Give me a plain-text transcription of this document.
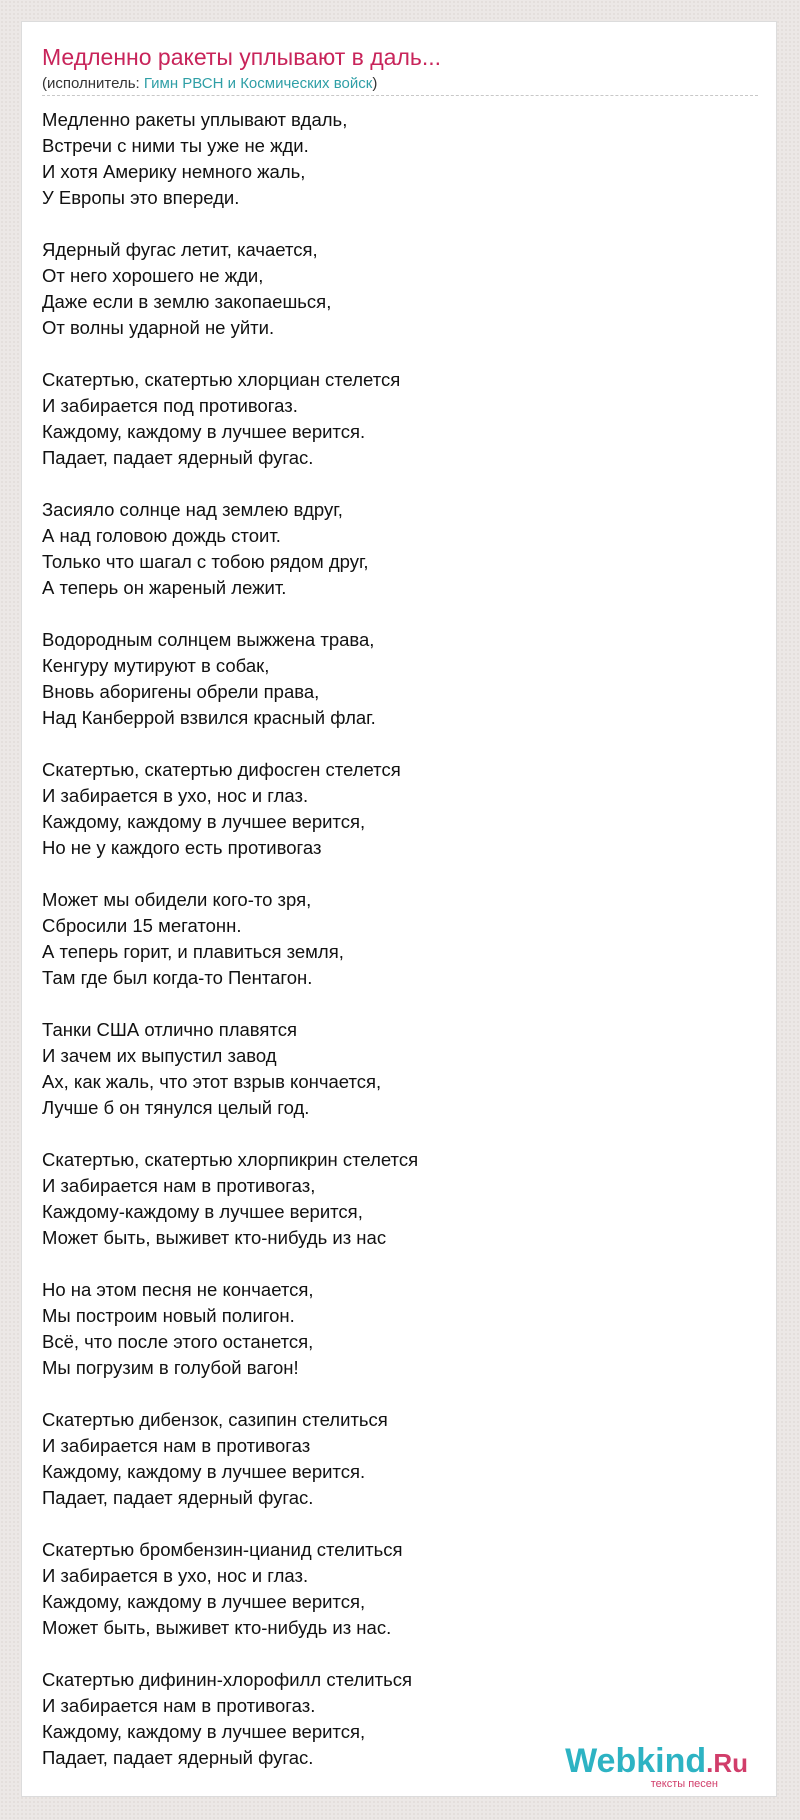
Медленно ракеты уплывают в даль...
(исполнитель: Гимн РВСН и Космических войск)
Медленно ракеты уплывают вдаль,
Встречи с ними ты уже не жди.
И хотя Америку немного жаль,
У Европы это впереди.
Ядерный фугас летит, качается,
От него хорошего не жди,
Даже если в землю закопаешься,
От волны ударной не уйти.
Скатертью, скатертью хлорциан стелется
И забирается под противогаз.
Каждому, каждому в лучшее верится.
Падает, падает ядерный фугас.
Засияло солнце над землею вдруг,
А над головою дождь стоит.
Только что шагал с тобою рядом друг,
А теперь он жареный лежит.
Водородным солнцем выжжена трава,
Кенгуру мутируют в собак,
Вновь аборигены обрели права,
Над Канберрой взвился красный флаг.
Скатертью, скатертью дифосген стелется
И забирается в ухо, нос и глаз.
Каждому, каждому в лучшее верится,
Но не у каждого есть противогаз
Может мы обидели кого-то зря,
Сбросили 15 мегатонн.
А теперь горит, и плавиться земля,
Там где был когда-то Пентагон.
Танки США отлично плавятся
И зачем их выпустил завод
Ах, как жаль, что этот взрыв кончается,
Лучше б он тянулся целый год.
Скатертью, скатертью хлорпикрин стелется
И забирается нам в противогаз,
Каждому-каждому в лучшее верится,
Может быть, выживет кто-нибудь из нас
Но на этом песня не кончается,
Мы построим новый полигон.
Всё, что после этого останется,
Мы погрузим в голубой вагон!
Скатертью дибензок, сазипин стелиться
И забирается нам в противогаз
Каждому, каждому в лучшее верится.
Падает, падает ядерный фугас.
Скатертью бромбензин-цианид стелиться
И забирается в ухо, нос и глаз.
Каждому, каждому в лучшее верится,
Может быть, выживет кто-нибудь из нас.
Скатертью дифинин-хлорофилл стелиться
И забирается нам в противогаз.
Каждому, каждому в лучшее верится,
Падает, падает ядерный фугас.	Webkind.Ru
тексты песен
